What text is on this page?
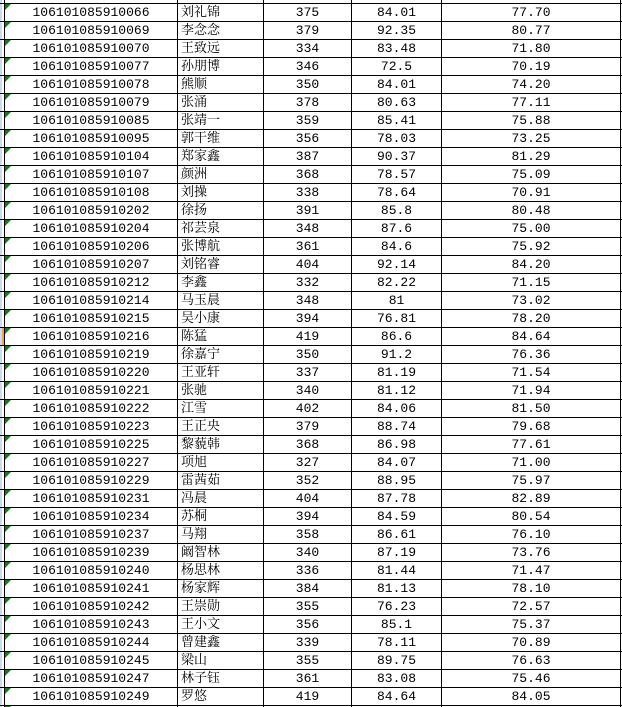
106101085910066 刘礼锦	375	84.01	77.70
106101085910069 李念念	379	92.35	80.77
106101085910070 王致远	334	83.48	71.80
106101085910077 孙朋博	346	72.5	70.19
106101085910078 熊顺	350	84.01	74.20
106101085910079 张涌	378	80.63	77.11
106101085910085 张靖一	359	85.41	75.88
106101085910095 郭干维	356	78.03	73.25
106101085910104 郑家鑫	387	90.37	81.29
106101085910107 颜洲	368	78.57	75.09
106101085910108 刘操	338	78.64	70.91
106101085910202 徐扬	391	85.8	80.48
106101085910204 祁芸泉	348	87.6	75.00
106101085910206 张博航	361	84.6	75.92
106101085910207 刘铭睿	404	92.14	84.20
106101085910212 李鑫	332	82.22	71.15
106101085910214 马玉晨	348	81	73.02
106101085910215 吴小康	394	76.81	78.20
106101085910216 陈猛	419	86.6	84.64
106101085910219 徐嘉宁	350	91.2	76.36
106101085910220 王亚轩	337	81.19	71.54
106101085910221 张驰	340	81.12	71.94
106101085910222 江雪	402	84.06	81.50
106101085910223 王正央	379	88.74	79.68
106101085910225 黎藐韩	368	86.98	77.61
106101085910227 项旭	327	84.07	71.00
106101085910229 雷茜茹	352	88.95	75.97
106101085910231 冯晨	404	87.78	82.89
106101085910234 苏桐	394	84.59	80.54
106101085910237 马翔	358	86.61	76.10
106101085910239 阚智林	340	87.19	73.76
106101085910240 杨思林	336	81.44	71.47
106101085910241 杨家辉	384	81.13	78.10
106101085910242 王崇勋	355	76.23	72.57
106101085910243 王小文	356	85.1	75.37
106101085910244 曾建鑫	339	78.11	70.89
106101085910245 梁山	355	89.75	76.63
106101085910247 林子钰	361	83.08	75.46
106101085910249 罗悠	419	84.64	84.05
